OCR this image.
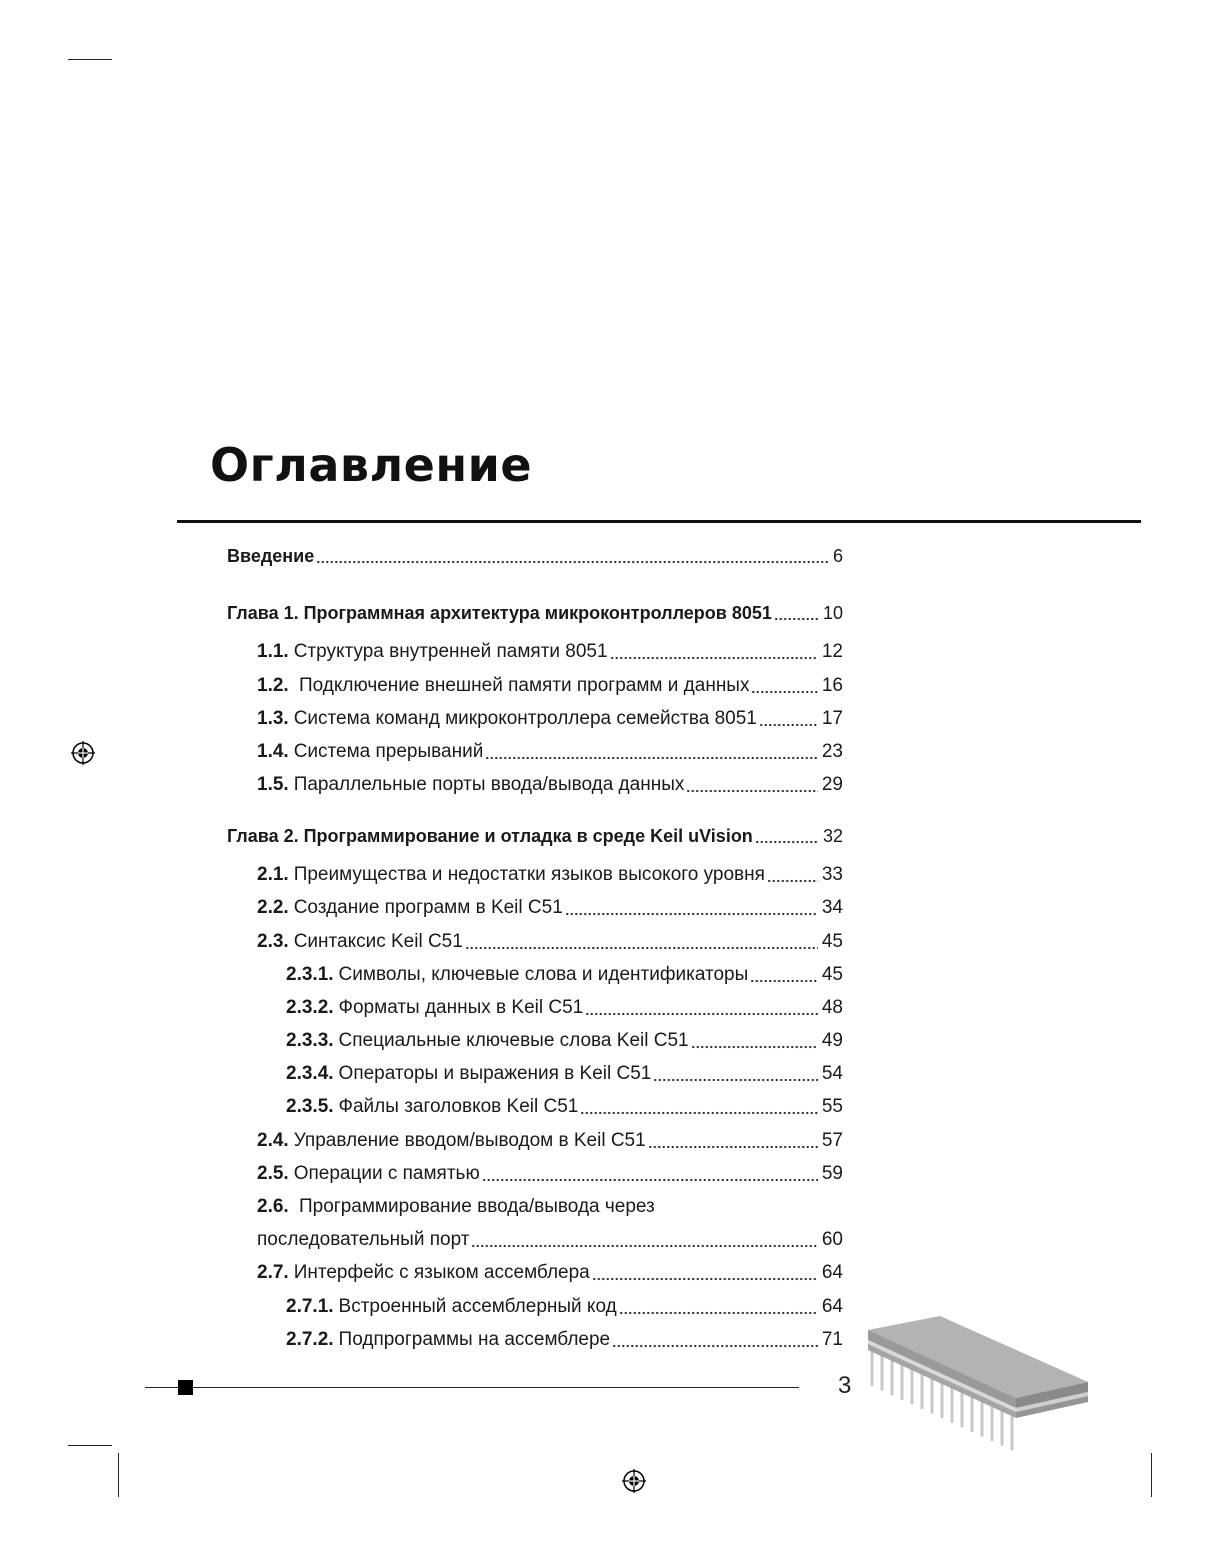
Оглавление
Введение	6
Глава 1. Программная архитектура микроконтроллеров 8051	10
1.1. Структура внутренней памяти 8051	12
1.2. Подключение внешней памяти программ и данных	16
1.3. Система команд микроконтроллера семейства 8051	17
1.4. Система прерываний	23
1.5. Параллельные порты ввода/вывода данных	29
Глава 2. Программирование и отладка в среде Keil uVision	32
2.1. Преимущества и недостатки языков высокого уровня	33
2.2. Создание программ в Keil C51	34
2.3. Синтаксис Keil C51	45
2.3.1. Символы, ключевые слова и идентификаторы	45
2.3.2. Форматы данных в Keil C51	48
2.3.3. Специальные ключевые слова Keil C51	49
2.3.4. Операторы и выражения в Keil C51	54
2.3.5. Файлы заголовков Keil C51	55
2.4. Управление вводом/выводом в Keil C51	57
2.5. Операции с памятью	59
2.6. Программирование ввода/вывода через
последовательный порт	60
2.7. Интерфейс с языком ассемблера	64
2.7.1. Встроенный ассемблерный код	64
2.7.2. Подпрограммы на ассемблере	71
3
